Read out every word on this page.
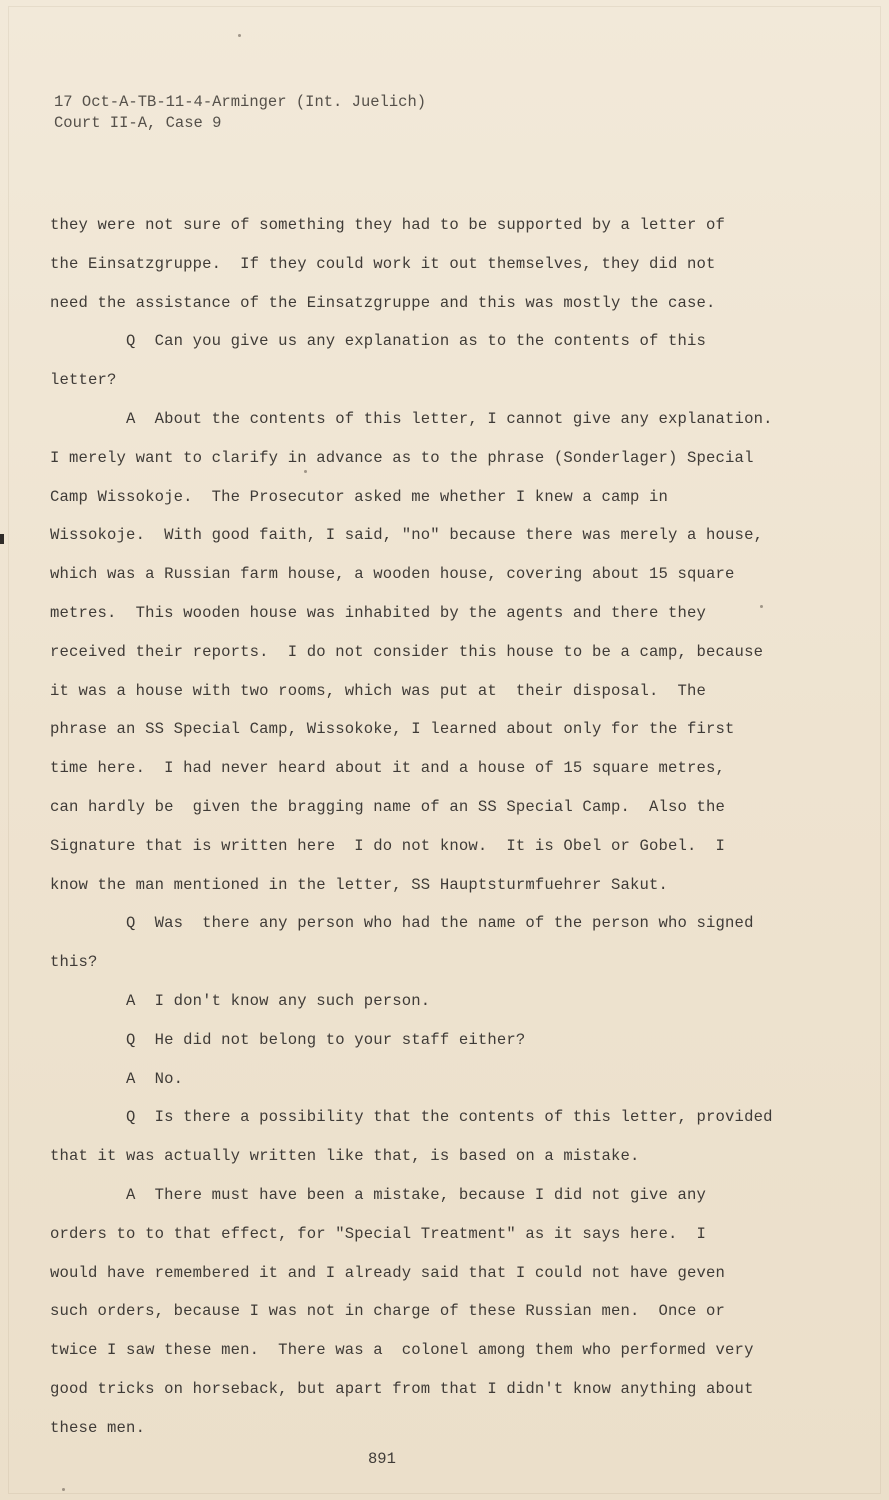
17 Oct-A-TB-11-4-Arminger (Int. Juelich)
Court II-A, Case 9
they were not sure of something they had to be supported by a letter of
the Einsatzgruppe.  If they could work it out themselves, they did not
need the assistance of the Einsatzgruppe and this was mostly the case.
Q  Can you give us any explanation as to the contents of this
letter?
A  About the contents of this letter, I cannot give any explanation.
I merely want to clarify in advance as to the phrase (Sonderlager) Special
Camp Wissokoje.  The Prosecutor asked me whether I knew a camp in
Wissokoje.  With good faith, I said, "no" because there was merely a house,
which was a Russian farm house, a wooden house, covering about 15 square
metres.  This wooden house was inhabited by the agents and there they
received their reports.  I do not consider this house to be a camp, because
it was a house with two rooms, which was put at  their disposal.  The
phrase an SS Special Camp, Wissokoke, I learned about only for the first
time here.  I had never heard about it and a house of 15 square metres,
can hardly be  given the bragging name of an SS Special Camp.  Also the
Signature that is written here  I do not know.  It is Obel or Gobel.  I
know the man mentioned in the letter, SS Hauptsturmfuehrer Sakut.
Q  Was  there any person who had the name of the person who signed
this?
A  I don't know any such person.
Q  He did not belong to your staff either?
A  No.
Q  Is there a possibility that the contents of this letter, provided
that it was actually written like that, is based on a mistake.
A  There must have been a mistake, because I did not give any
orders to to that effect, for "Special Treatment" as it says here.  I
would have remembered it and I already said that I could not have geven
such orders, because I was not in charge of these Russian men.  Once or
twice I saw these men.  There was a  colonel among them who performed very
good tricks on horseback, but apart from that I didn't know anything about
these men.
891
